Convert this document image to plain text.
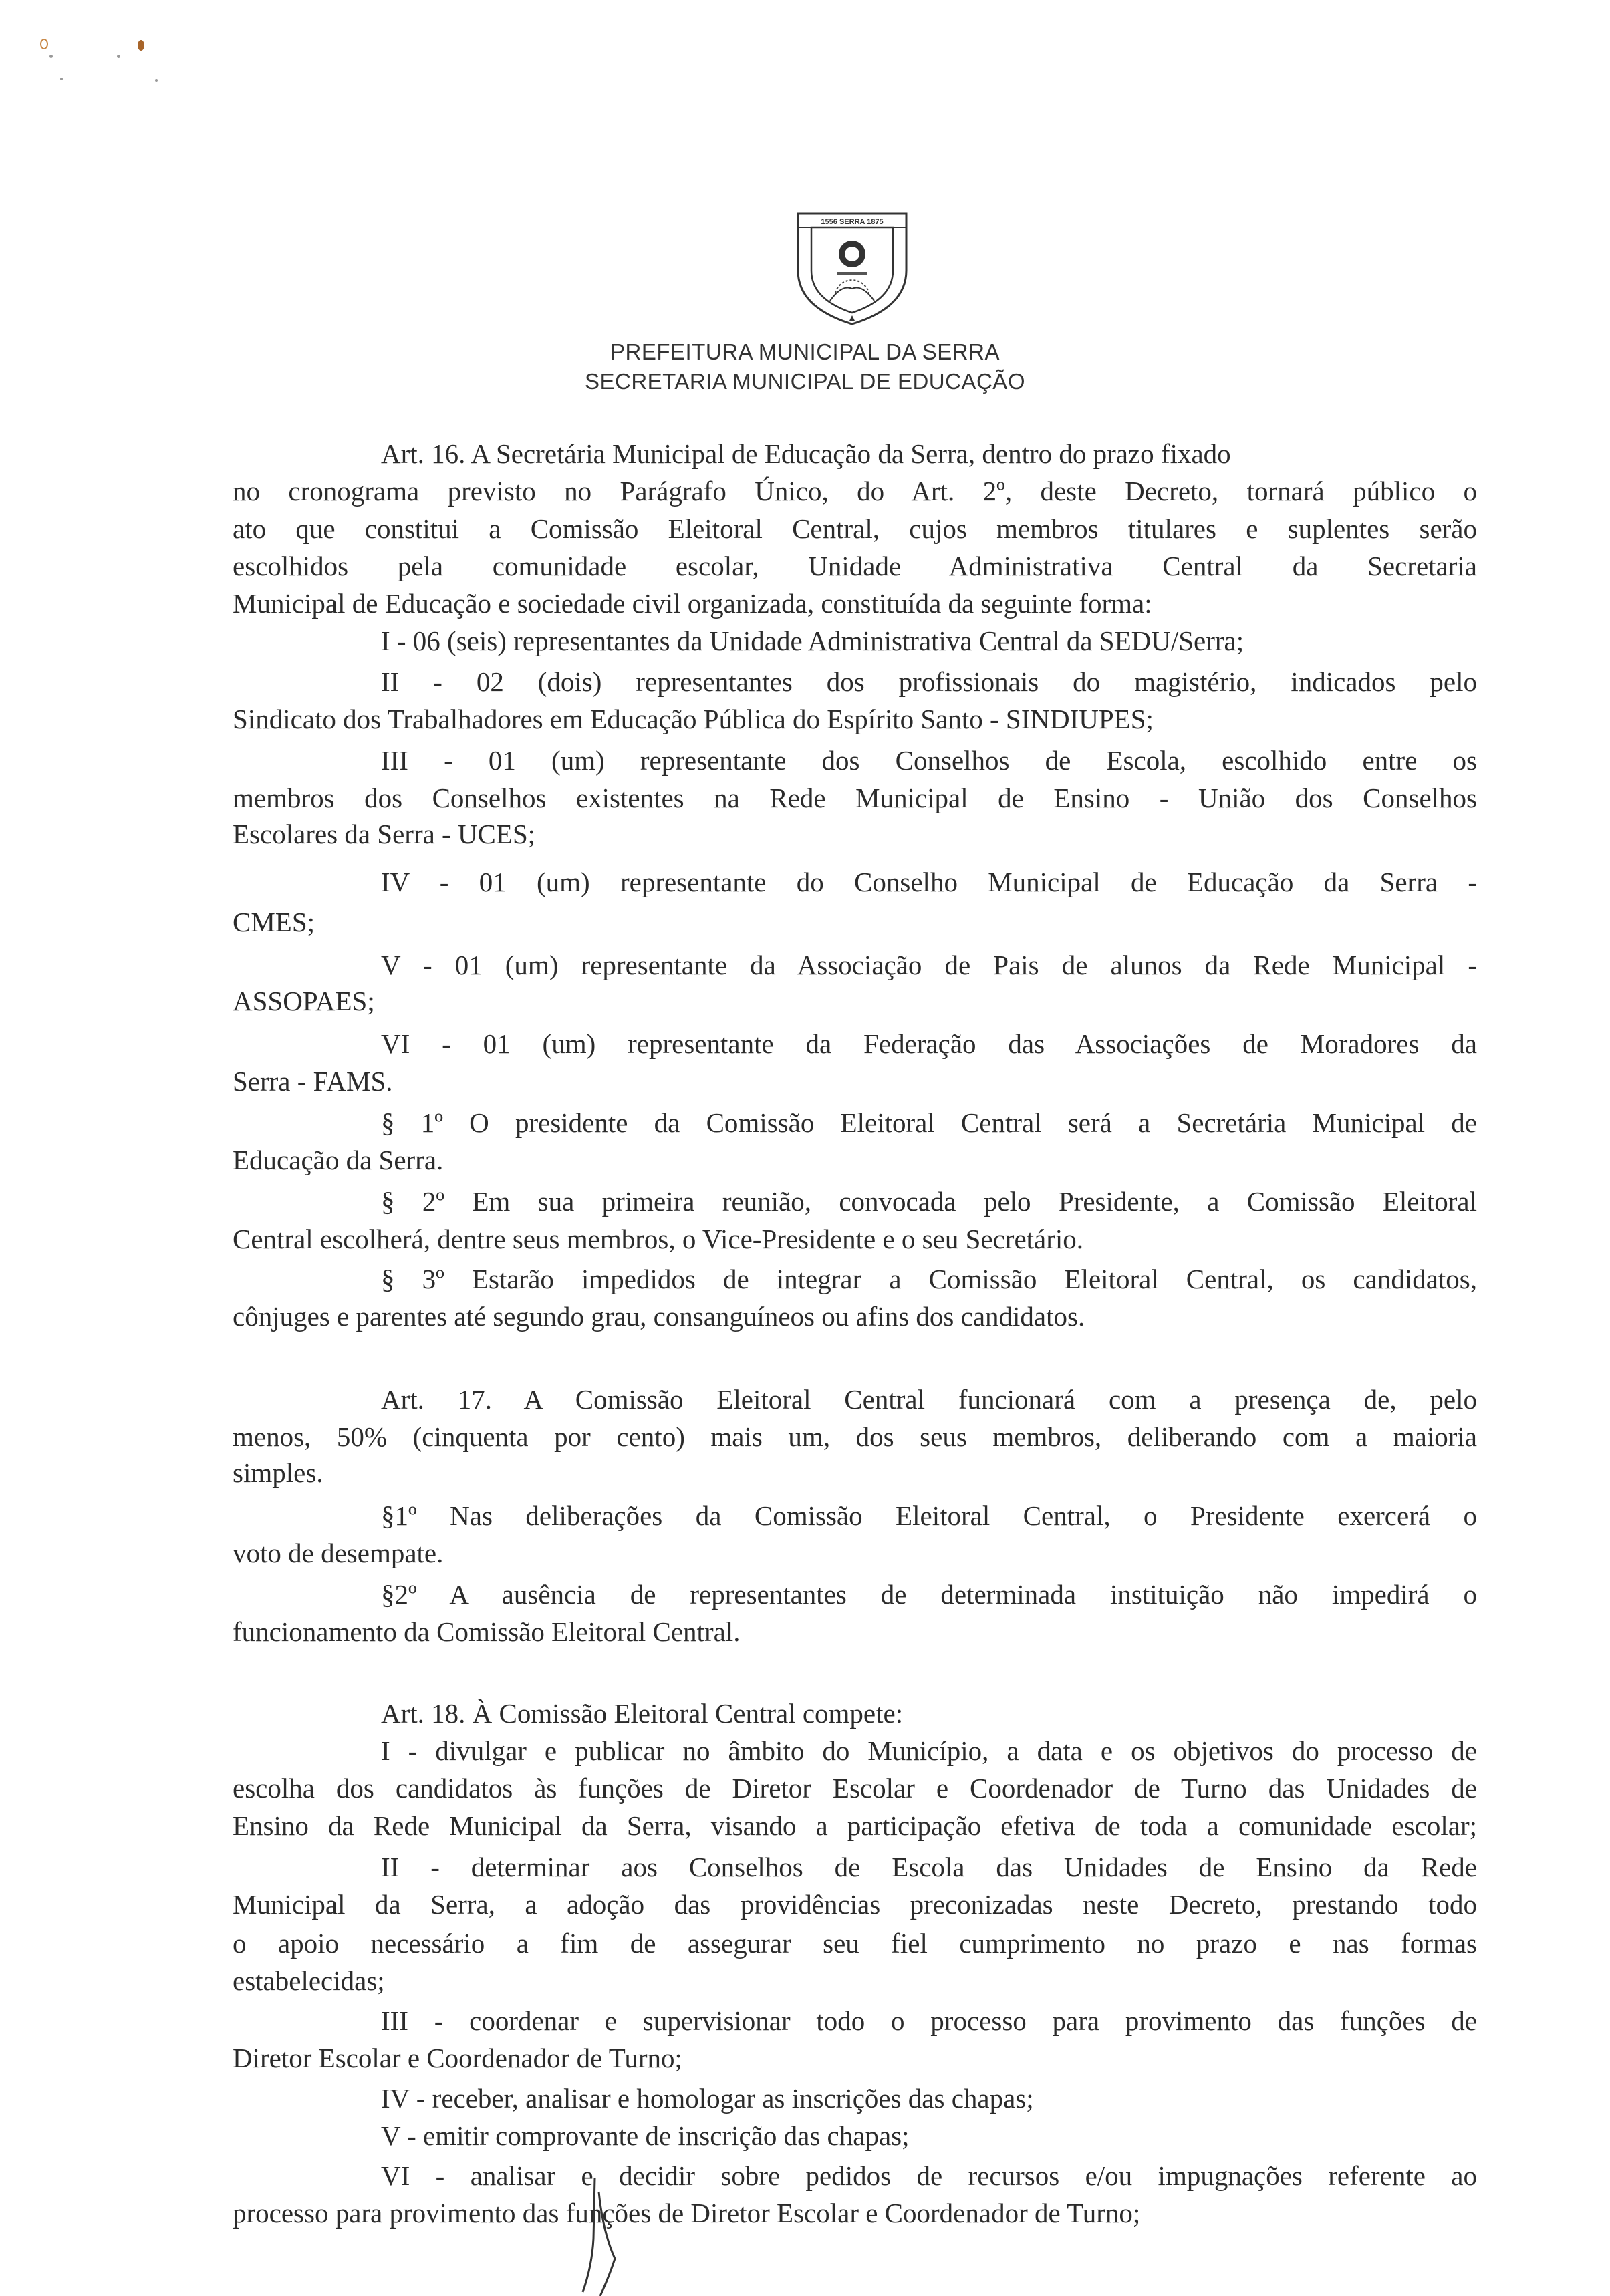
1556 SERRA 1875
PREFEITURA MUNICIPAL DA SERRA
SECRETARIA MUNICIPAL DE EDUCAÇÃO
Art. 16. A Secretária Municipal de Educação da Serra, dentro do prazo fixado
no cronograma previsto no Parágrafo Único, do Art. 2º, deste Decreto, tornará público o
ato que constitui a Comissão Eleitoral Central, cujos membros titulares e suplentes serão
escolhidos pela comunidade escolar, Unidade Administrativa Central da Secretaria
Municipal de Educação e sociedade civil organizada, constituída da seguinte forma:
I - 06 (seis) representantes da Unidade Administrativa Central da SEDU/Serra;
II - 02 (dois) representantes dos profissionais do magistério, indicados pelo
Sindicato dos Trabalhadores em Educação Pública do Espírito Santo - SINDIUPES;
III - 01 (um) representante dos Conselhos de Escola, escolhido entre os
membros dos Conselhos existentes na Rede Municipal de Ensino - União dos Conselhos
Escolares da Serra - UCES;
IV - 01 (um) representante do Conselho Municipal de Educação da Serra -
CMES;
V - 01 (um) representante da Associação de Pais de alunos da Rede Municipal -
ASSOPAES;
VI - 01 (um) representante da Federação das Associações de Moradores da
Serra - FAMS.
§ 1º O presidente da Comissão Eleitoral Central será a Secretária Municipal de
Educação da Serra.
§ 2º Em sua primeira reunião, convocada pelo Presidente, a Comissão Eleitoral
Central escolherá, dentre seus membros, o Vice-Presidente e o seu Secretário.
§ 3º Estarão impedidos de integrar a Comissão Eleitoral Central, os candidatos,
cônjuges e parentes até segundo grau, consanguíneos ou afins dos candidatos.
Art. 17. A Comissão Eleitoral Central funcionará com a presença de, pelo
menos, 50% (cinquenta por cento) mais um, dos seus membros, deliberando com a maioria
simples.
§1º Nas deliberações da Comissão Eleitoral Central, o Presidente exercerá o
voto de desempate.
§2º A ausência de representantes de determinada instituição não impedirá o
funcionamento da Comissão Eleitoral Central.
Art. 18. À Comissão Eleitoral Central compete:
I - divulgar e publicar no âmbito do Município, a data e os objetivos do processo de
escolha dos candidatos às funções de Diretor Escolar e Coordenador de Turno das Unidades de
Ensino da Rede Municipal da Serra, visando a participação efetiva de toda a comunidade escolar;
II - determinar aos Conselhos de Escola das Unidades de Ensino da Rede
Municipal da Serra, a adoção das providências preconizadas neste Decreto, prestando todo
o apoio necessário a fim de assegurar seu fiel cumprimento no prazo e nas formas
estabelecidas;
III - coordenar e supervisionar todo o processo para provimento das funções de
Diretor Escolar e Coordenador de Turno;
IV - receber, analisar e homologar as inscrições das chapas;
V - emitir comprovante de inscrição das chapas;
VI - analisar e decidir sobre pedidos de recursos e/ou impugnações referente ao
processo para provimento das funções de Diretor Escolar e Coordenador de Turno;
